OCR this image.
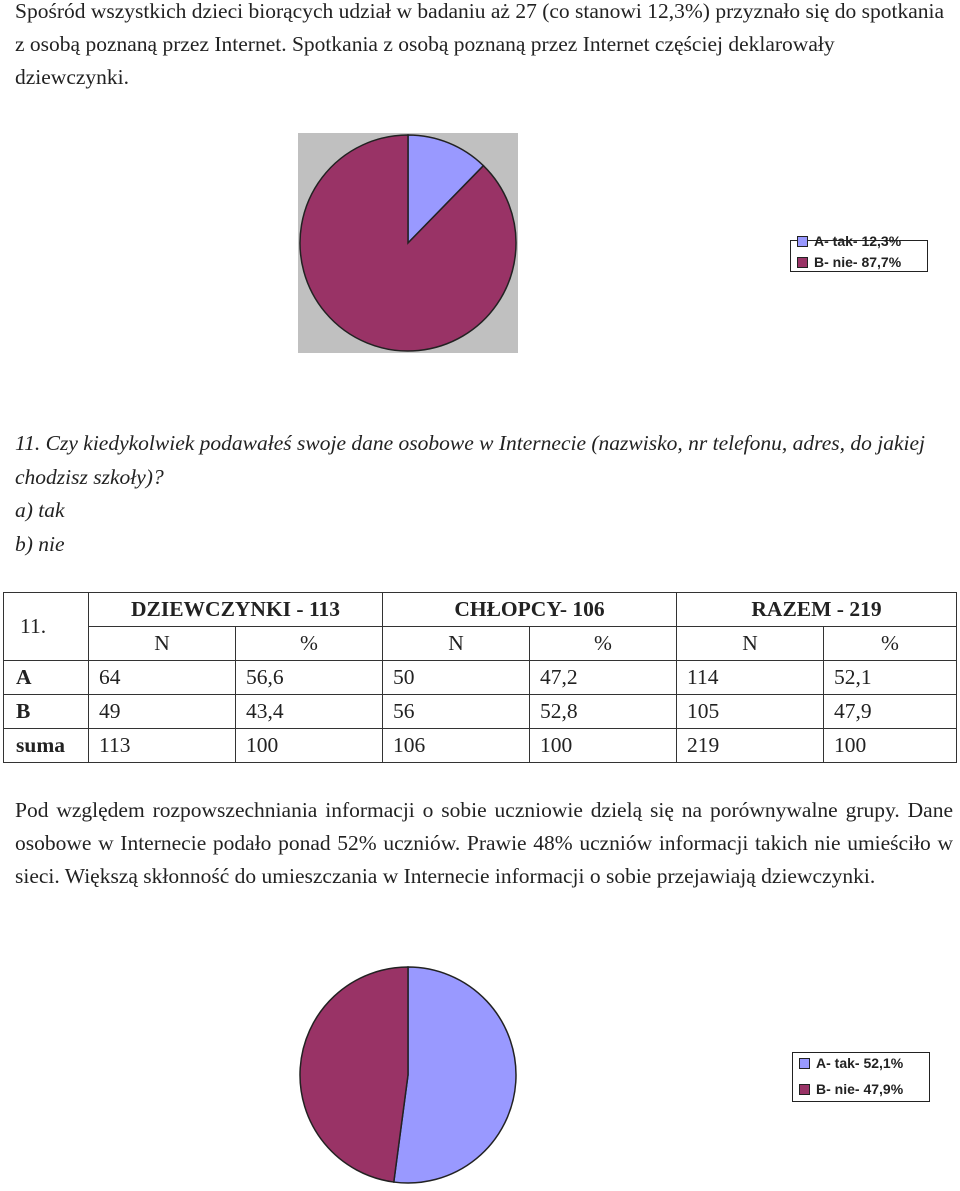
Spośród wszystkich dzieci biorących udział w badaniu aż 27 (co stanowi 12,3%) przyznało się do spotkania z osobą poznaną przez Internet. Spotkania z osobą poznaną przez Internet częściej deklarowały dziewczynki.

A- tak- 12,3%
B- nie- 87,7%
11. Czy kiedykolwiek podawałeś swoje dane osobowe w Internecie (nazwisko, nr telefonu, adres, do jakiej chodzisz szkoły)?
a) tak
b) nie
11.	DZIEWCZYNKI - 113		CHŁOPCY- 106		RAZEM - 219	
	N	%	N	%	N	%
A	64	56,6	50	47,2	114	52,1
B	49	43,4	56	52,8	105	47,9
suma	113	100	106	100	219	100

Pod względem rozpowszechniania informacji o sobie uczniowie dzielą się na porównywalne grupy. Dane osobowe w Internecie podało ponad 52% uczniów. Prawie 48% uczniów informacji takich nie umieściło w sieci. Większą skłonność do umieszczania w Internecie informacji o sobie przejawiają dziewczynki.

A- tak- 52,1%
B- nie- 47,9%
